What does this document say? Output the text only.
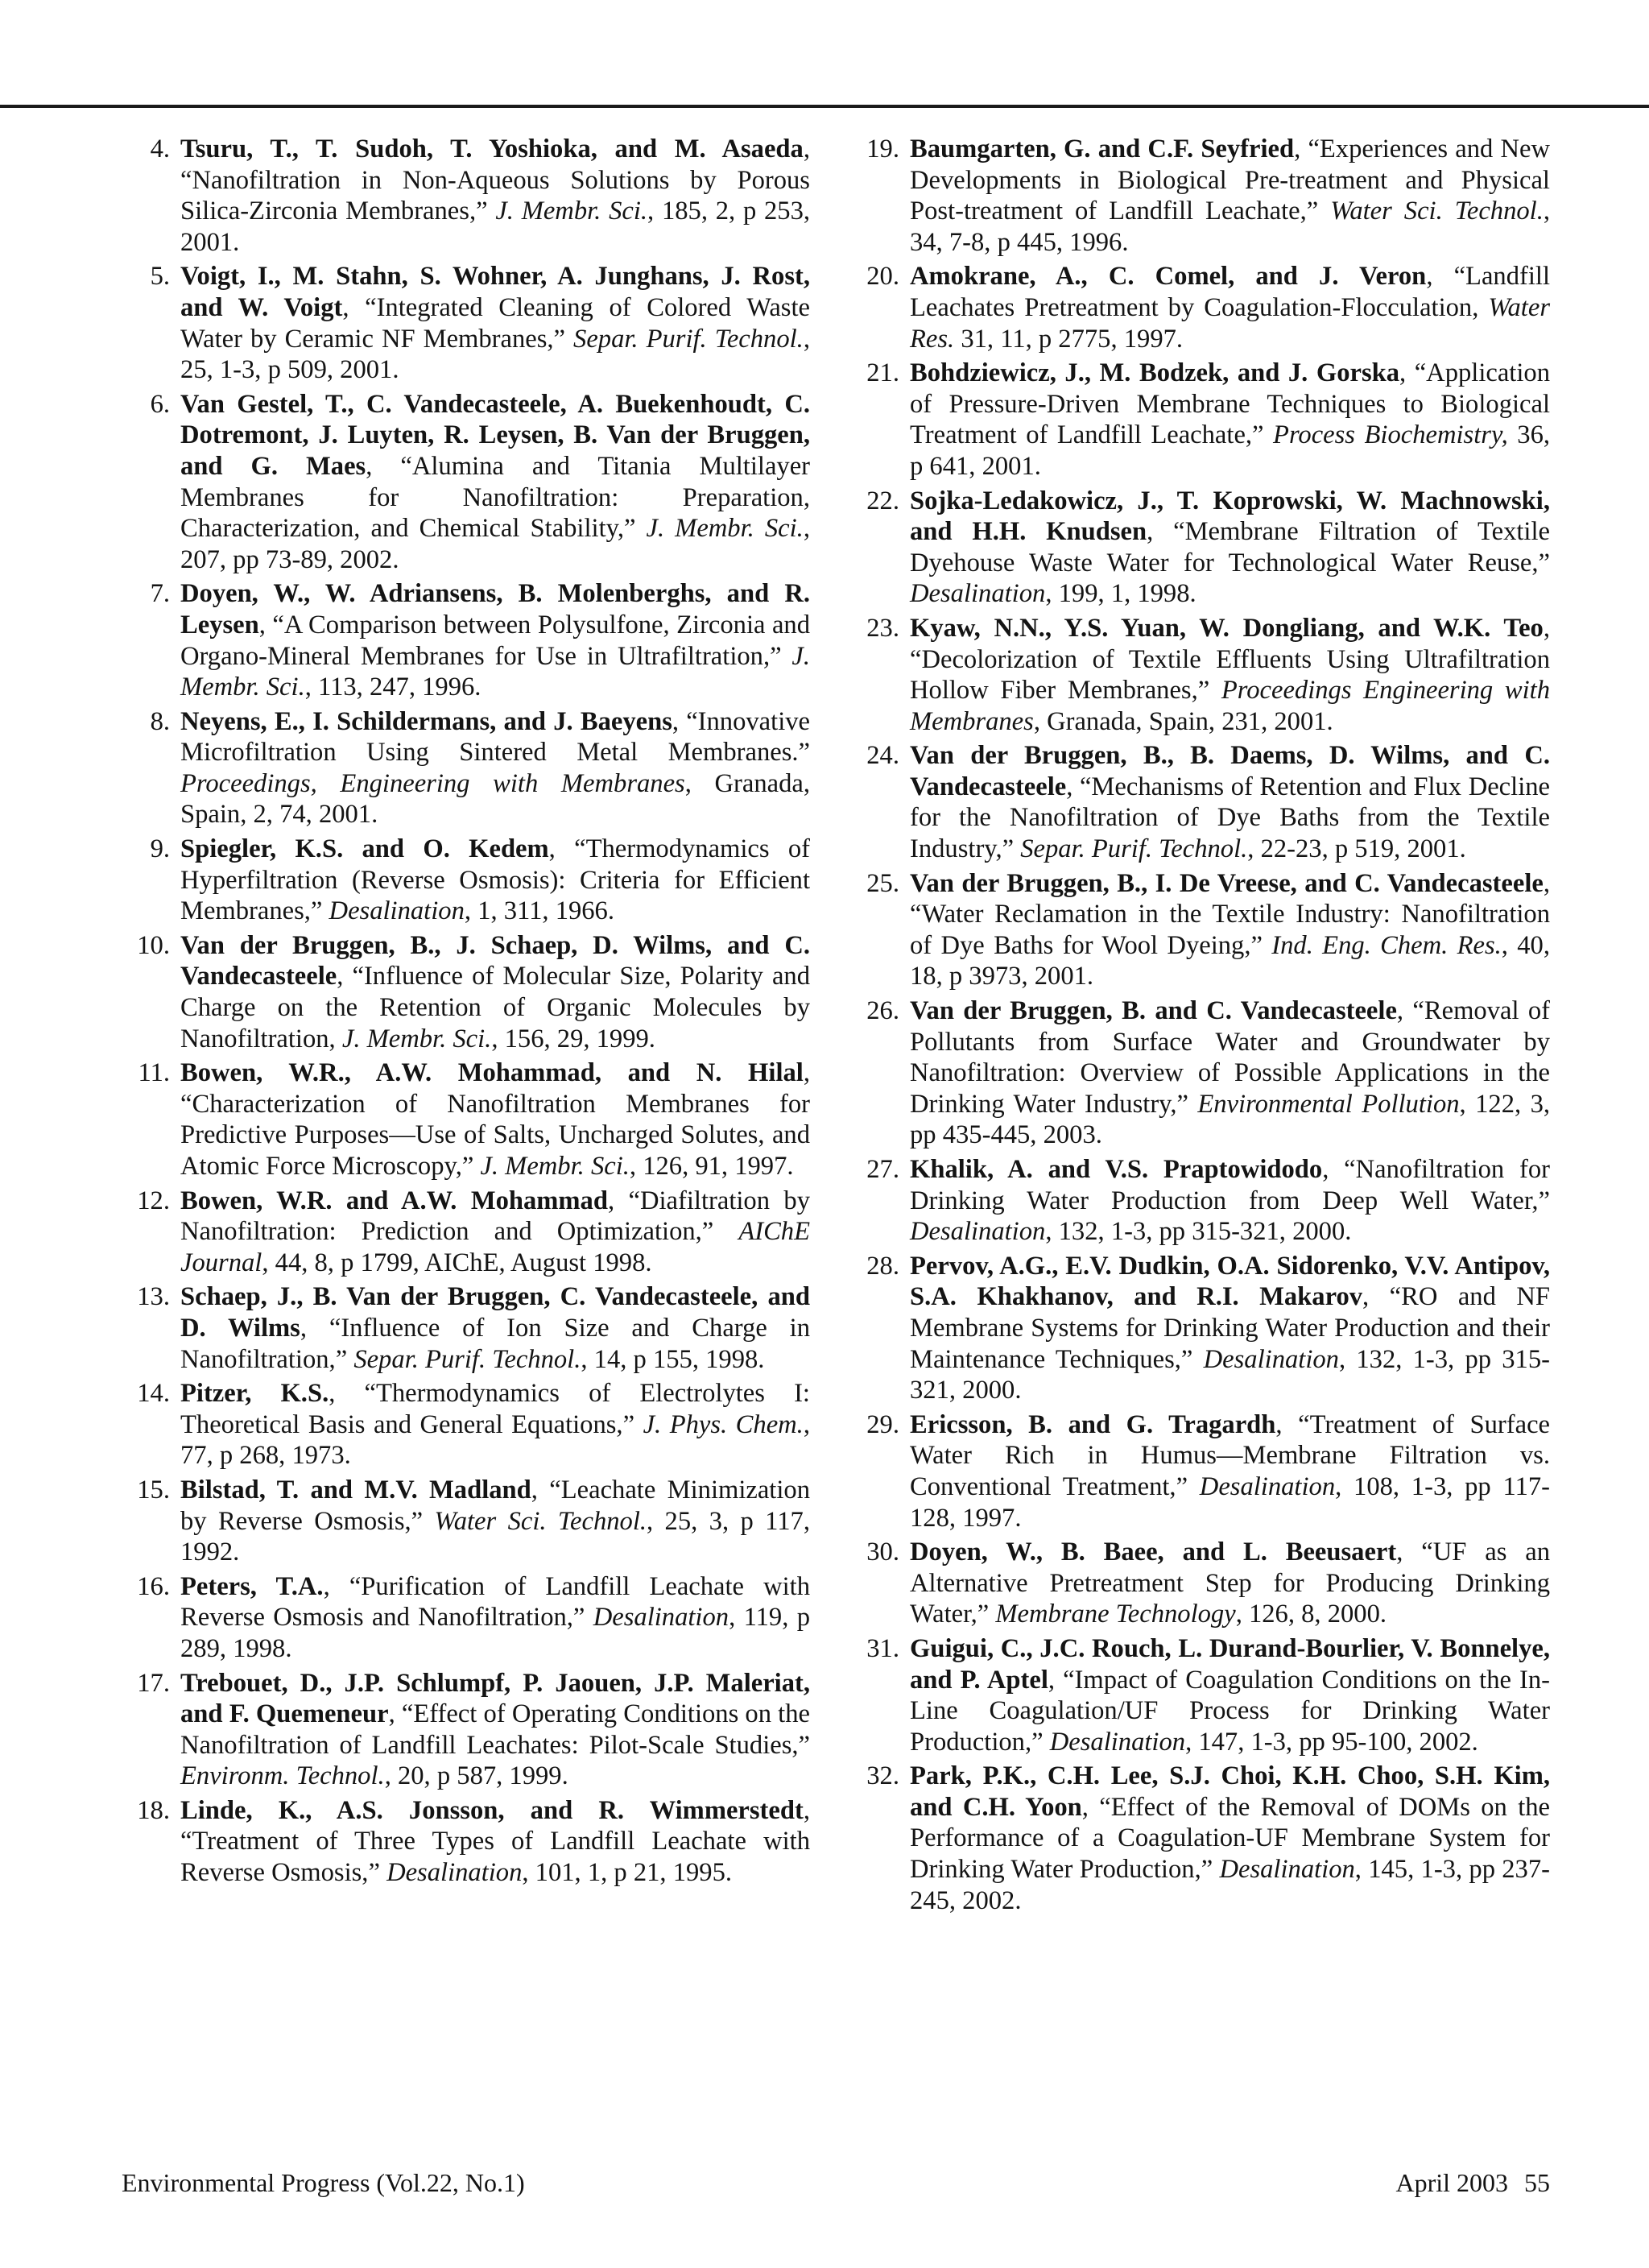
4. Tsuru, T., T. Sudoh, T. Yoshioka, and M. Asaeda, “Nanofiltration in Non-Aqueous Solutions by Porous Silica-Zirconia Membranes,” J. Membr. Sci., 185, 2, p 253, 2001.
5. Voigt, I., M. Stahn, S. Wohner, A. Junghans, J. Rost, and W. Voigt, “Integrated Cleaning of Colored Waste Water by Ceramic NF Membranes,” Separ. Purif. Technol., 25, 1-3, p 509, 2001.
6. Van Gestel, T., C. Vandecasteele, A. Buekenhoudt, C. Dotremont, J. Luyten, R. Leysen, B. Van der Bruggen, and G. Maes, “Alumina and Titania Multilayer Membranes for Nanofiltration: Preparation, Characterization, and Chemical Stability,” J. Membr. Sci., 207, pp 73-89, 2002.
7. Doyen, W., W. Adriansens, B. Molenberghs, and R. Leysen, “A Comparison between Polysulfone, Zirconia and Organo-Mineral Membranes for Use in Ultrafiltration,” J. Membr. Sci., 113, 247, 1996.
8. Neyens, E., I. Schildermans, and J. Baeyens, “Innovative Microfiltration Using Sintered Metal Membranes.” Proceedings, Engineering with Membranes, Granada, Spain, 2, 74, 2001.
9. Spiegler, K.S. and O. Kedem, “Thermodynamics of Hyperfiltration (Reverse Osmosis): Criteria for Efficient Membranes,” Desalination, 1, 311, 1966.
10. Van der Bruggen, B., J. Schaep, D. Wilms, and C. Vandecasteele, “Influence of Molecular Size, Polarity and Charge on the Retention of Organic Molecules by Nanofiltration, J. Membr. Sci., 156, 29, 1999.
11. Bowen, W.R., A.W. Mohammad, and N. Hilal, “Characterization of Nanofiltration Membranes for Predictive Purposes—Use of Salts, Uncharged Solutes, and Atomic Force Microscopy,” J. Membr. Sci., 126, 91, 1997.
12. Bowen, W.R. and A.W. Mohammad, “Diafiltration by Nanofiltration: Prediction and Optimization,” AIChE Journal, 44, 8, p 1799, AIChE, August 1998.
13. Schaep, J., B. Van der Bruggen, C. Vandecasteele, and D. Wilms, “Influence of Ion Size and Charge in Nanofiltration,” Separ. Purif. Technol., 14, p 155, 1998.
14. Pitzer, K.S., “Thermodynamics of Electrolytes I: Theoretical Basis and General Equations,” J. Phys. Chem., 77, p 268, 1973.
15. Bilstad, T. and M.V. Madland, “Leachate Minimization by Reverse Osmosis,” Water Sci. Technol., 25, 3, p 117, 1992.
16. Peters, T.A., “Purification of Landfill Leachate with Reverse Osmosis and Nanofiltration,” Desalination, 119, p 289, 1998.
17. Trebouet, D., J.P. Schlumpf, P. Jaouen, J.P. Maleriat, and F. Quemeneur, “Effect of Operating Conditions on the Nanofiltration of Landfill Leachates: Pilot-Scale Studies,” Environm. Technol., 20, p 587, 1999.
18. Linde, K., A.S. Jonsson, and R. Wimmerstedt, “Treatment of Three Types of Landfill Leachate with Reverse Osmosis,” Desalination, 101, 1, p 21, 1995.
19. Baumgarten, G. and C.F. Seyfried, “Experiences and New Developments in Biological Pre-treatment and Physical Post-treatment of Landfill Leachate,” Water Sci. Technol., 34, 7-8, p 445, 1996.
20. Amokrane, A., C. Comel, and J. Veron, “Landfill Leachates Pretreatment by Coagulation-Flocculation, Water Res. 31, 11, p 2775, 1997.
21. Bohdziewicz, J., M. Bodzek, and J. Gorska, “Application of Pressure-Driven Membrane Techniques to Biological Treatment of Landfill Leachate,” Process Biochemistry, 36, p 641, 2001.
22. Sojka-Ledakowicz, J., T. Koprowski, W. Machnowski, and H.H. Knudsen, “Membrane Filtration of Textile Dyehouse Waste Water for Technological Water Reuse,” Desalination, 199, 1, 1998.
23. Kyaw, N.N., Y.S. Yuan, W. Dongliang, and W.K. Teo, “Decolorization of Textile Effluents Using Ultrafiltration Hollow Fiber Membranes,” Proceedings Engineering with Membranes, Granada, Spain, 231, 2001.
24. Van der Bruggen, B., B. Daems, D. Wilms, and C. Vandecasteele, “Mechanisms of Retention and Flux Decline for the Nanofiltration of Dye Baths from the Textile Industry,” Separ. Purif. Technol., 22-23, p 519, 2001.
25. Van der Bruggen, B., I. De Vreese, and C. Vandecasteele, “Water Reclamation in the Textile Industry: Nanofiltration of Dye Baths for Wool Dyeing,” Ind. Eng. Chem. Res., 40, 18, p 3973, 2001.
26. Van der Bruggen, B. and C. Vandecasteele, “Removal of Pollutants from Surface Water and Groundwater by Nanofiltration: Overview of Possible Applications in the Drinking Water Industry,” Environmental Pollution, 122, 3, pp 435-445, 2003.
27. Khalik, A. and V.S. Praptowidodo, “Nanofiltration for Drinking Water Production from Deep Well Water,” Desalination, 132, 1-3, pp 315-321, 2000.
28. Pervov, A.G., E.V. Dudkin, O.A. Sidorenko, V.V. Antipov, S.A. Khakhanov, and R.I. Makarov, “RO and NF Membrane Systems for Drinking Water Production and their Maintenance Techniques,” Desalination, 132, 1-3, pp 315-321, 2000.
29. Ericsson, B. and G. Tragardh, “Treatment of Surface Water Rich in Humus—Membrane Filtration vs. Conventional Treatment,” Desalination, 108, 1-3, pp 117-128, 1997.
30. Doyen, W., B. Baee, and L. Beeusaert, “UF as an Alternative Pretreatment Step for Producing Drinking Water,” Membrane Technology, 126, 8, 2000.
31. Guigui, C., J.C. Rouch, L. Durand-Bourlier, V. Bonnelye, and P. Aptel, “Impact of Coagulation Conditions on the In-Line Coagulation/UF Process for Drinking Water Production,” Desalination, 147, 1-3, pp 95-100, 2002.
32. Park, P.K., C.H. Lee, S.J. Choi, K.H. Choo, S.H. Kim, and C.H. Yoon, “Effect of the Removal of DOMs on the Performance of a Coagulation-UF Membrane System for Drinking Water Production,” Desalination, 145, 1-3, pp 237-245, 2002.
Environmental Progress (Vol.22, No.1)	April 2003 55
